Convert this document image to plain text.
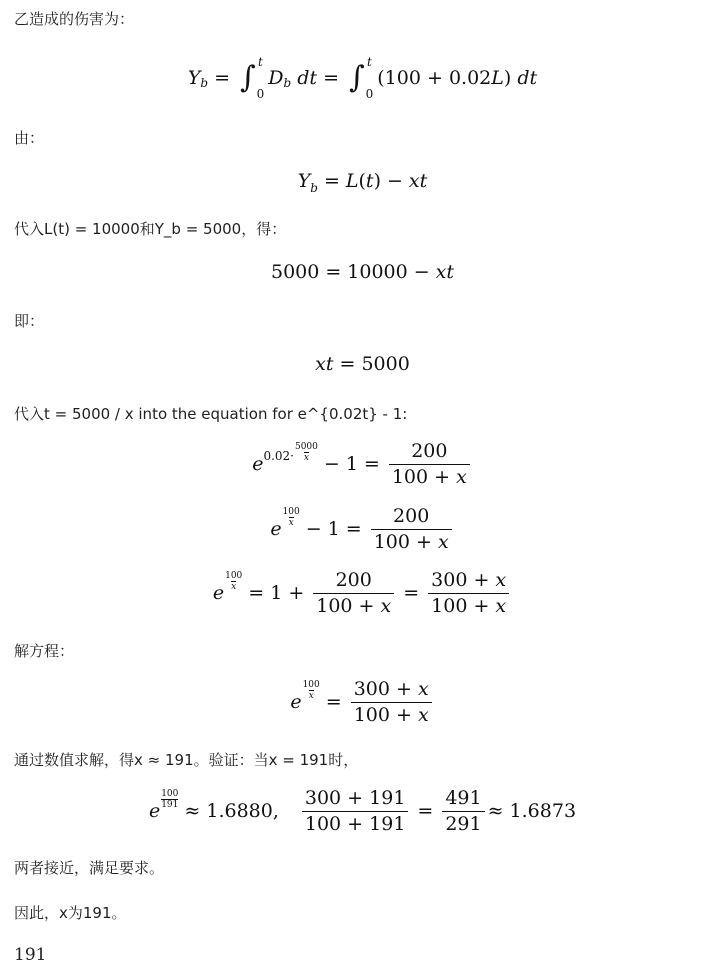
乙造成的伤害为：
Y b = ∫ t
0
D b
dt = ∫ t
0
(100 + 0.02L) dt
由：
$Y_b = L(t)$ − xt
代入L(t) = 10000和Y_b = 5000，得：
5000 = 10000 − xt
即：
xt = 5000
代入t = 5000 / x into the equation for e^{0.02t} - 1:
e $0.02\cdot \frac{5000}{x}$
− $1 = \frac{200}{100 + x}$
e
$\frac{100}{x}$
− $1 = \frac{200}{100 + x}$
e
$\frac{100}{x}$
= $1 + \frac{200}{100 + x} = \frac{300 + x}{100 + x}$
解方程：
e
$\frac{100}{x}$
= $\frac{300 + x}{100 + x}$
通过数值求解，得x ≈ 191。验证：当x = 191时，
e
$\frac{100}{191}$
≈ 1.6880, $\frac{300 + 191}{100 + 191} = \frac{491}{291} \approx 1.6873$
两者接近，满足要求。
因此，x为191。
191
